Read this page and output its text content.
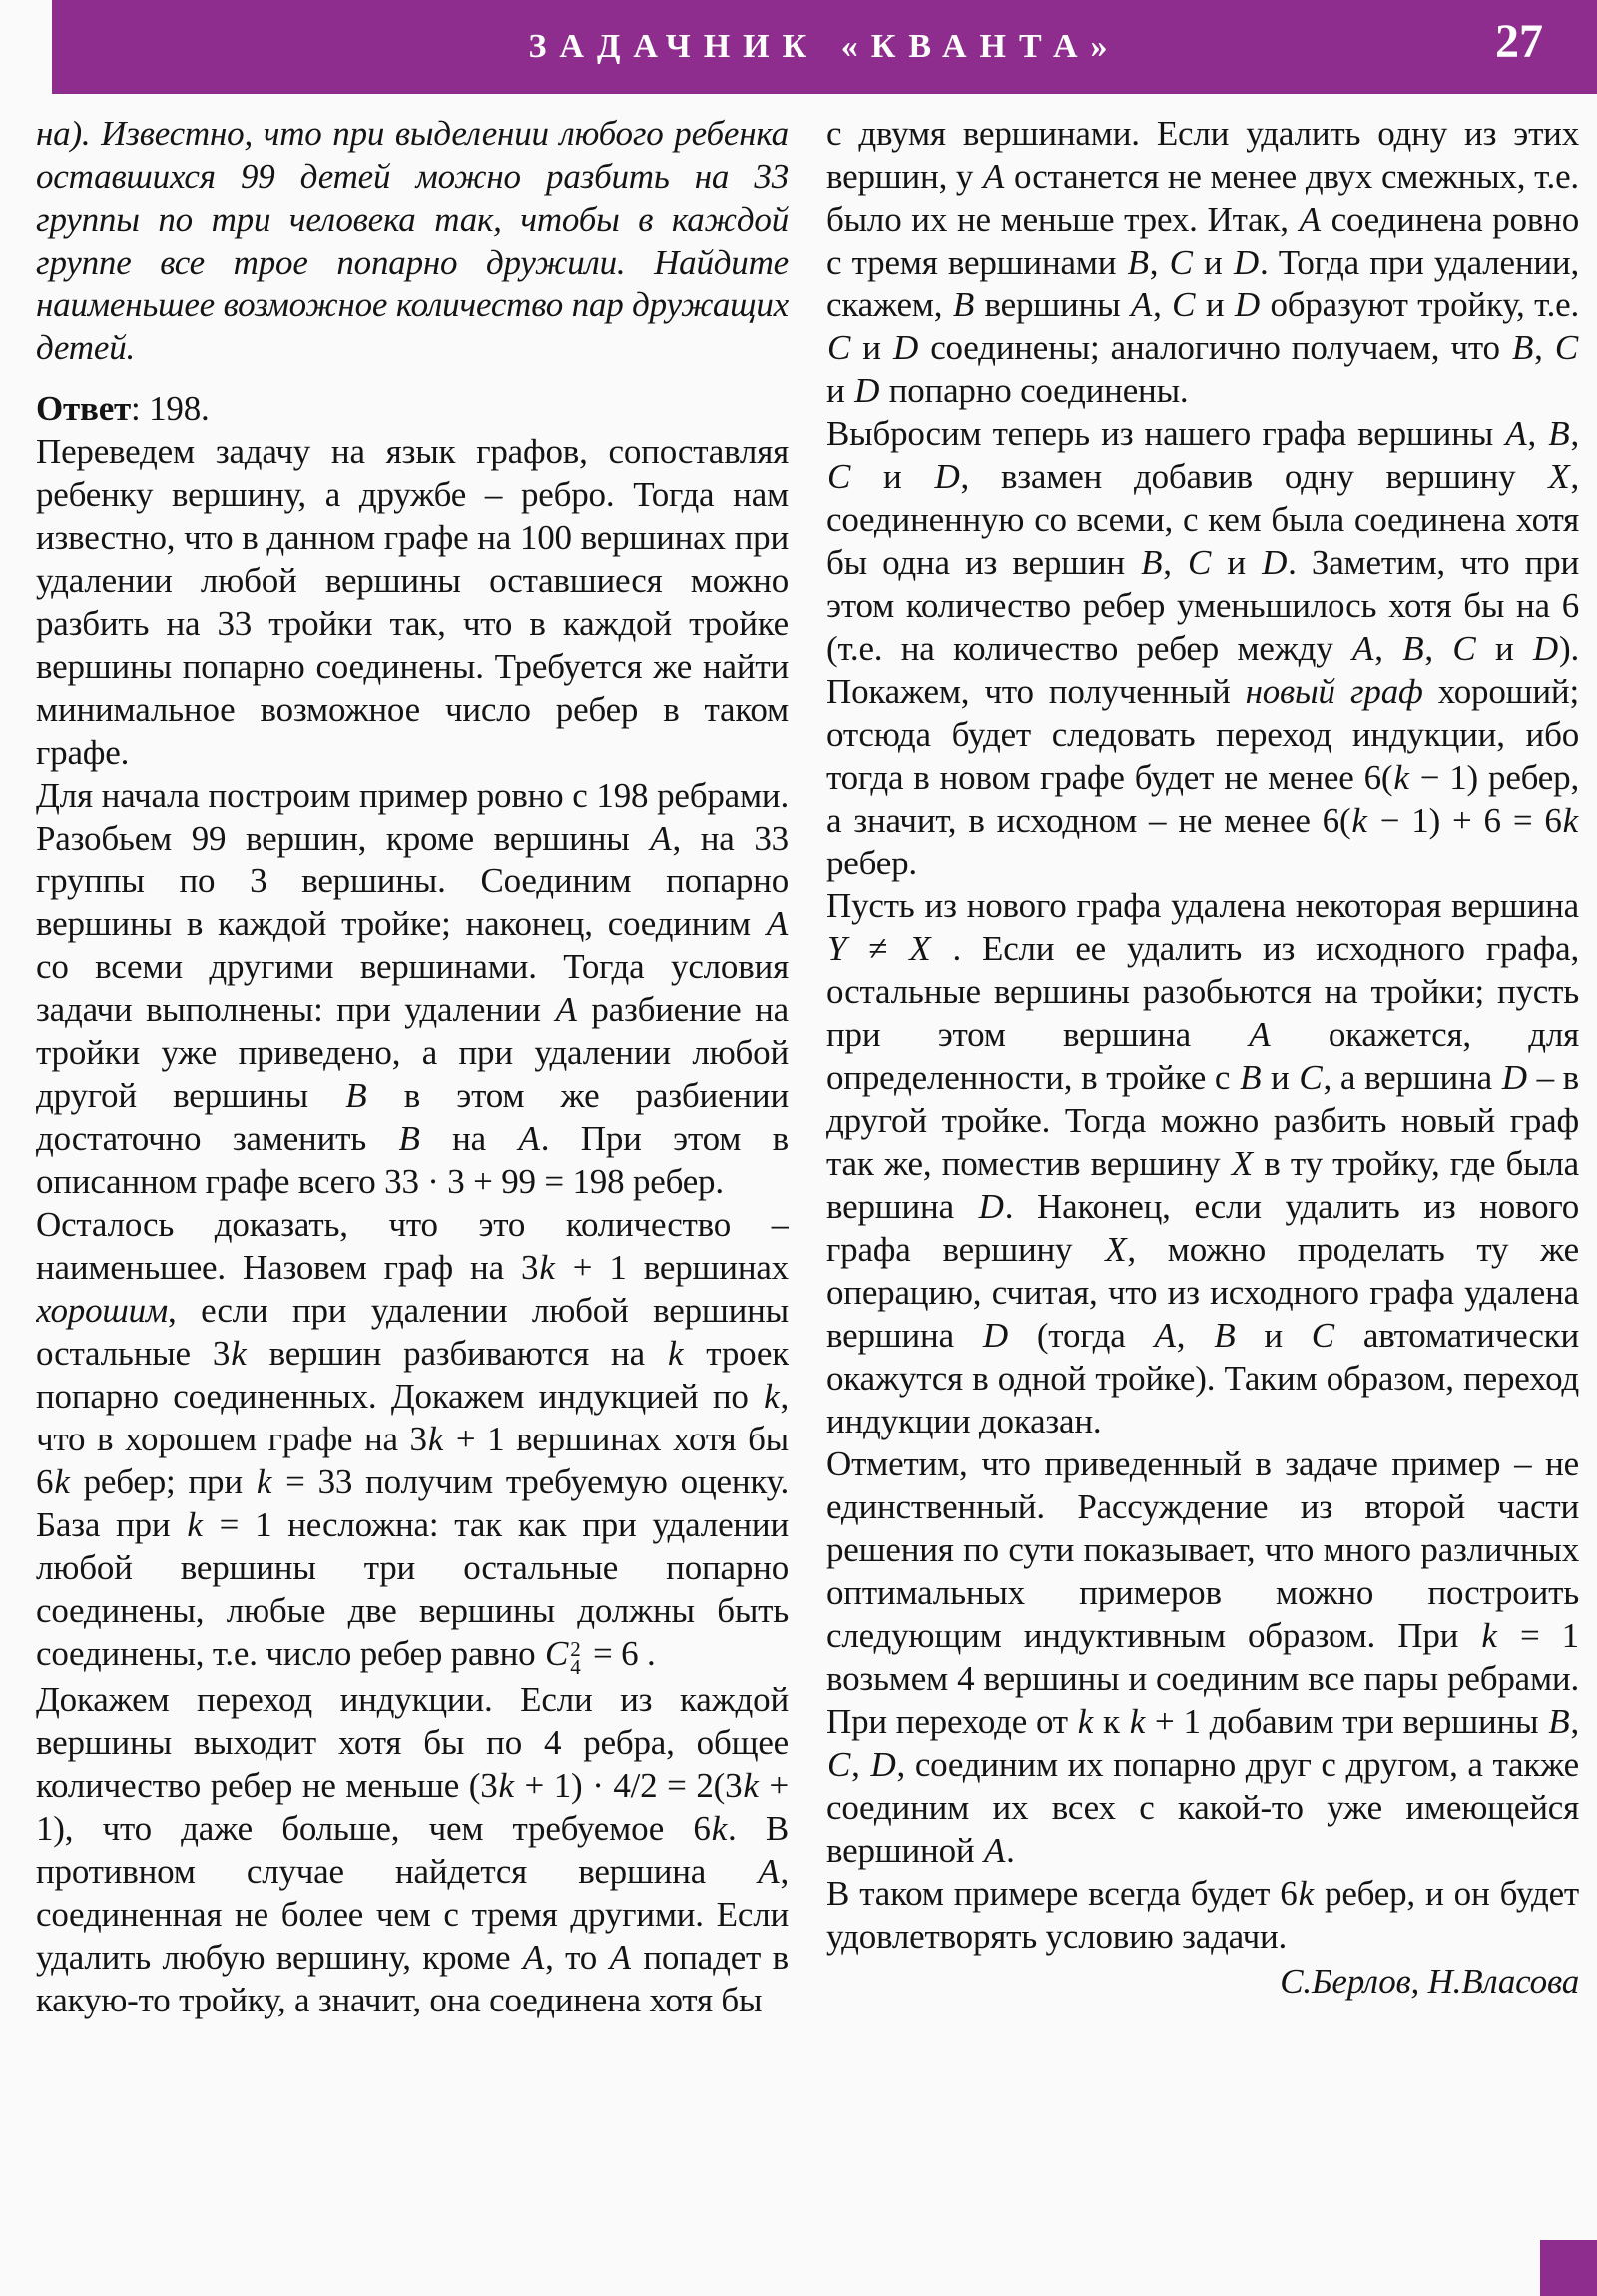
ЗАДАЧНИК «КВАНТА»	27

на). Известно, что при выделении любого ребенка оставшихся 99 детей можно разбить на 33 группы по три человека так, чтобы в каждой группе все трое попарно дружили. Найдите наименьшее возможное количество пар дружащих детей.

Ответ: 198.

Переведем задачу на язык графов, сопоставляя ребенку вершину, а дружбе – ребро. Тогда нам известно, что в данном графе на 100 вершинах при удалении любой вершины оставшиеся можно разбить на 33 тройки так, что в каждой тройке вершины попарно соединены. Требуется же найти минимальное возможное число ребер в таком графе.

Для начала построим пример ровно с 198 ребрами. Разобьем 99 вершин, кроме вершины A, на 33 группы по 3 вершины. Соединим попарно вершины в каждой тройке; наконец, соединим A со всеми другими вершинами. Тогда условия задачи выполнены: при удалении A разбиение на тройки уже приведено, а при удалении любой другой вершины B в этом же разбиении достаточно заменить B на A. При этом в описанном графе всего 33 · 3 + 99 = 198 ребер.

Осталось доказать, что это количество – наименьшее. Назовем граф на 3k + 1 вершинах хорошим, если при удалении любой вершины остальные 3k вершин разбиваются на k троек попарно соединенных. Докажем индукцией по k, что в хорошем графе на 3k + 1 вершинах хотя бы 6k ребер; при k = 33 получим требуемую оценку. База при k = 1 несложна: так как при удалении любой вершины три остальные попарно соединены, любые две вершины должны быть соединены, т.е. число ребер равно C 2
4 = 6 .

Докажем переход индукции. Если из каждой вершины выходит хотя бы по 4 ребра, общее количество ребер не меньше (3k + 1) · 4/2 = 2(3k + 1), что даже больше, чем требуемое 6k. В противном случае найдется вершина A, соединенная не более чем с тремя другими. Если удалить любую вершину, кроме A, то A попадет в какую-то тройку, а значит, она соединена хотя бы

с двумя вершинами. Если удалить одну из этих вершин, у A останется не менее двух смежных, т.е. было их не меньше трех. Итак, A соединена ровно с тремя вершинами B, C и D. Тогда при удалении, скажем, B вершины A, C и D образуют тройку, т.е. C и D соединены; аналогично получаем, что B, C и D попарно соединены.

Выбросим теперь из нашего графа вершины A, B, C и D, взамен добавив одну вершину X, соединенную со всеми, с кем была соединена хотя бы одна из вершин B, C и D. Заметим, что при этом количество ребер уменьшилось хотя бы на 6 (т.е. на количество ребер между A, B, C и D). Покажем, что полученный новый граф хороший; отсюда будет следовать переход индукции, ибо тогда в новом графе будет не менее 6(k − 1) ребер, а значит, в исходном – не менее 6(k − 1) + 6 = 6k ребер.

Пусть из нового графа удалена некоторая вершина Y ≠ X . Если ее удалить из исходного графа, остальные вершины разобьются на тройки; пусть при этом вершина A окажется, для определенности, в тройке с B и C, а вершина D – в другой тройке. Тогда можно разбить новый граф так же, поместив вершину X в ту тройку, где была вершина D. Наконец, если удалить из нового графа вершину X, можно проделать ту же операцию, считая, что из исходного графа удалена вершина D (тогда A, B и C автоматически окажутся в одной тройке). Таким образом, переход индукции доказан.

Отметим, что приведенный в задаче пример – не единственный. Рассуждение из второй части решения по сути показывает, что много различных оптимальных примеров можно построить следующим индуктивным образом. При k = 1 возьмем 4 вершины и соединим все пары ребрами. При переходе от k к k + 1 добавим три вершины B, C, D, соединим их попарно друг с другом, а также соединим их всех с какой-то уже имеющейся вершиной A.

В таком примере всегда будет 6k ребер, и он будет удовлетворять условию задачи.

С.Берлов, Н.Власова
